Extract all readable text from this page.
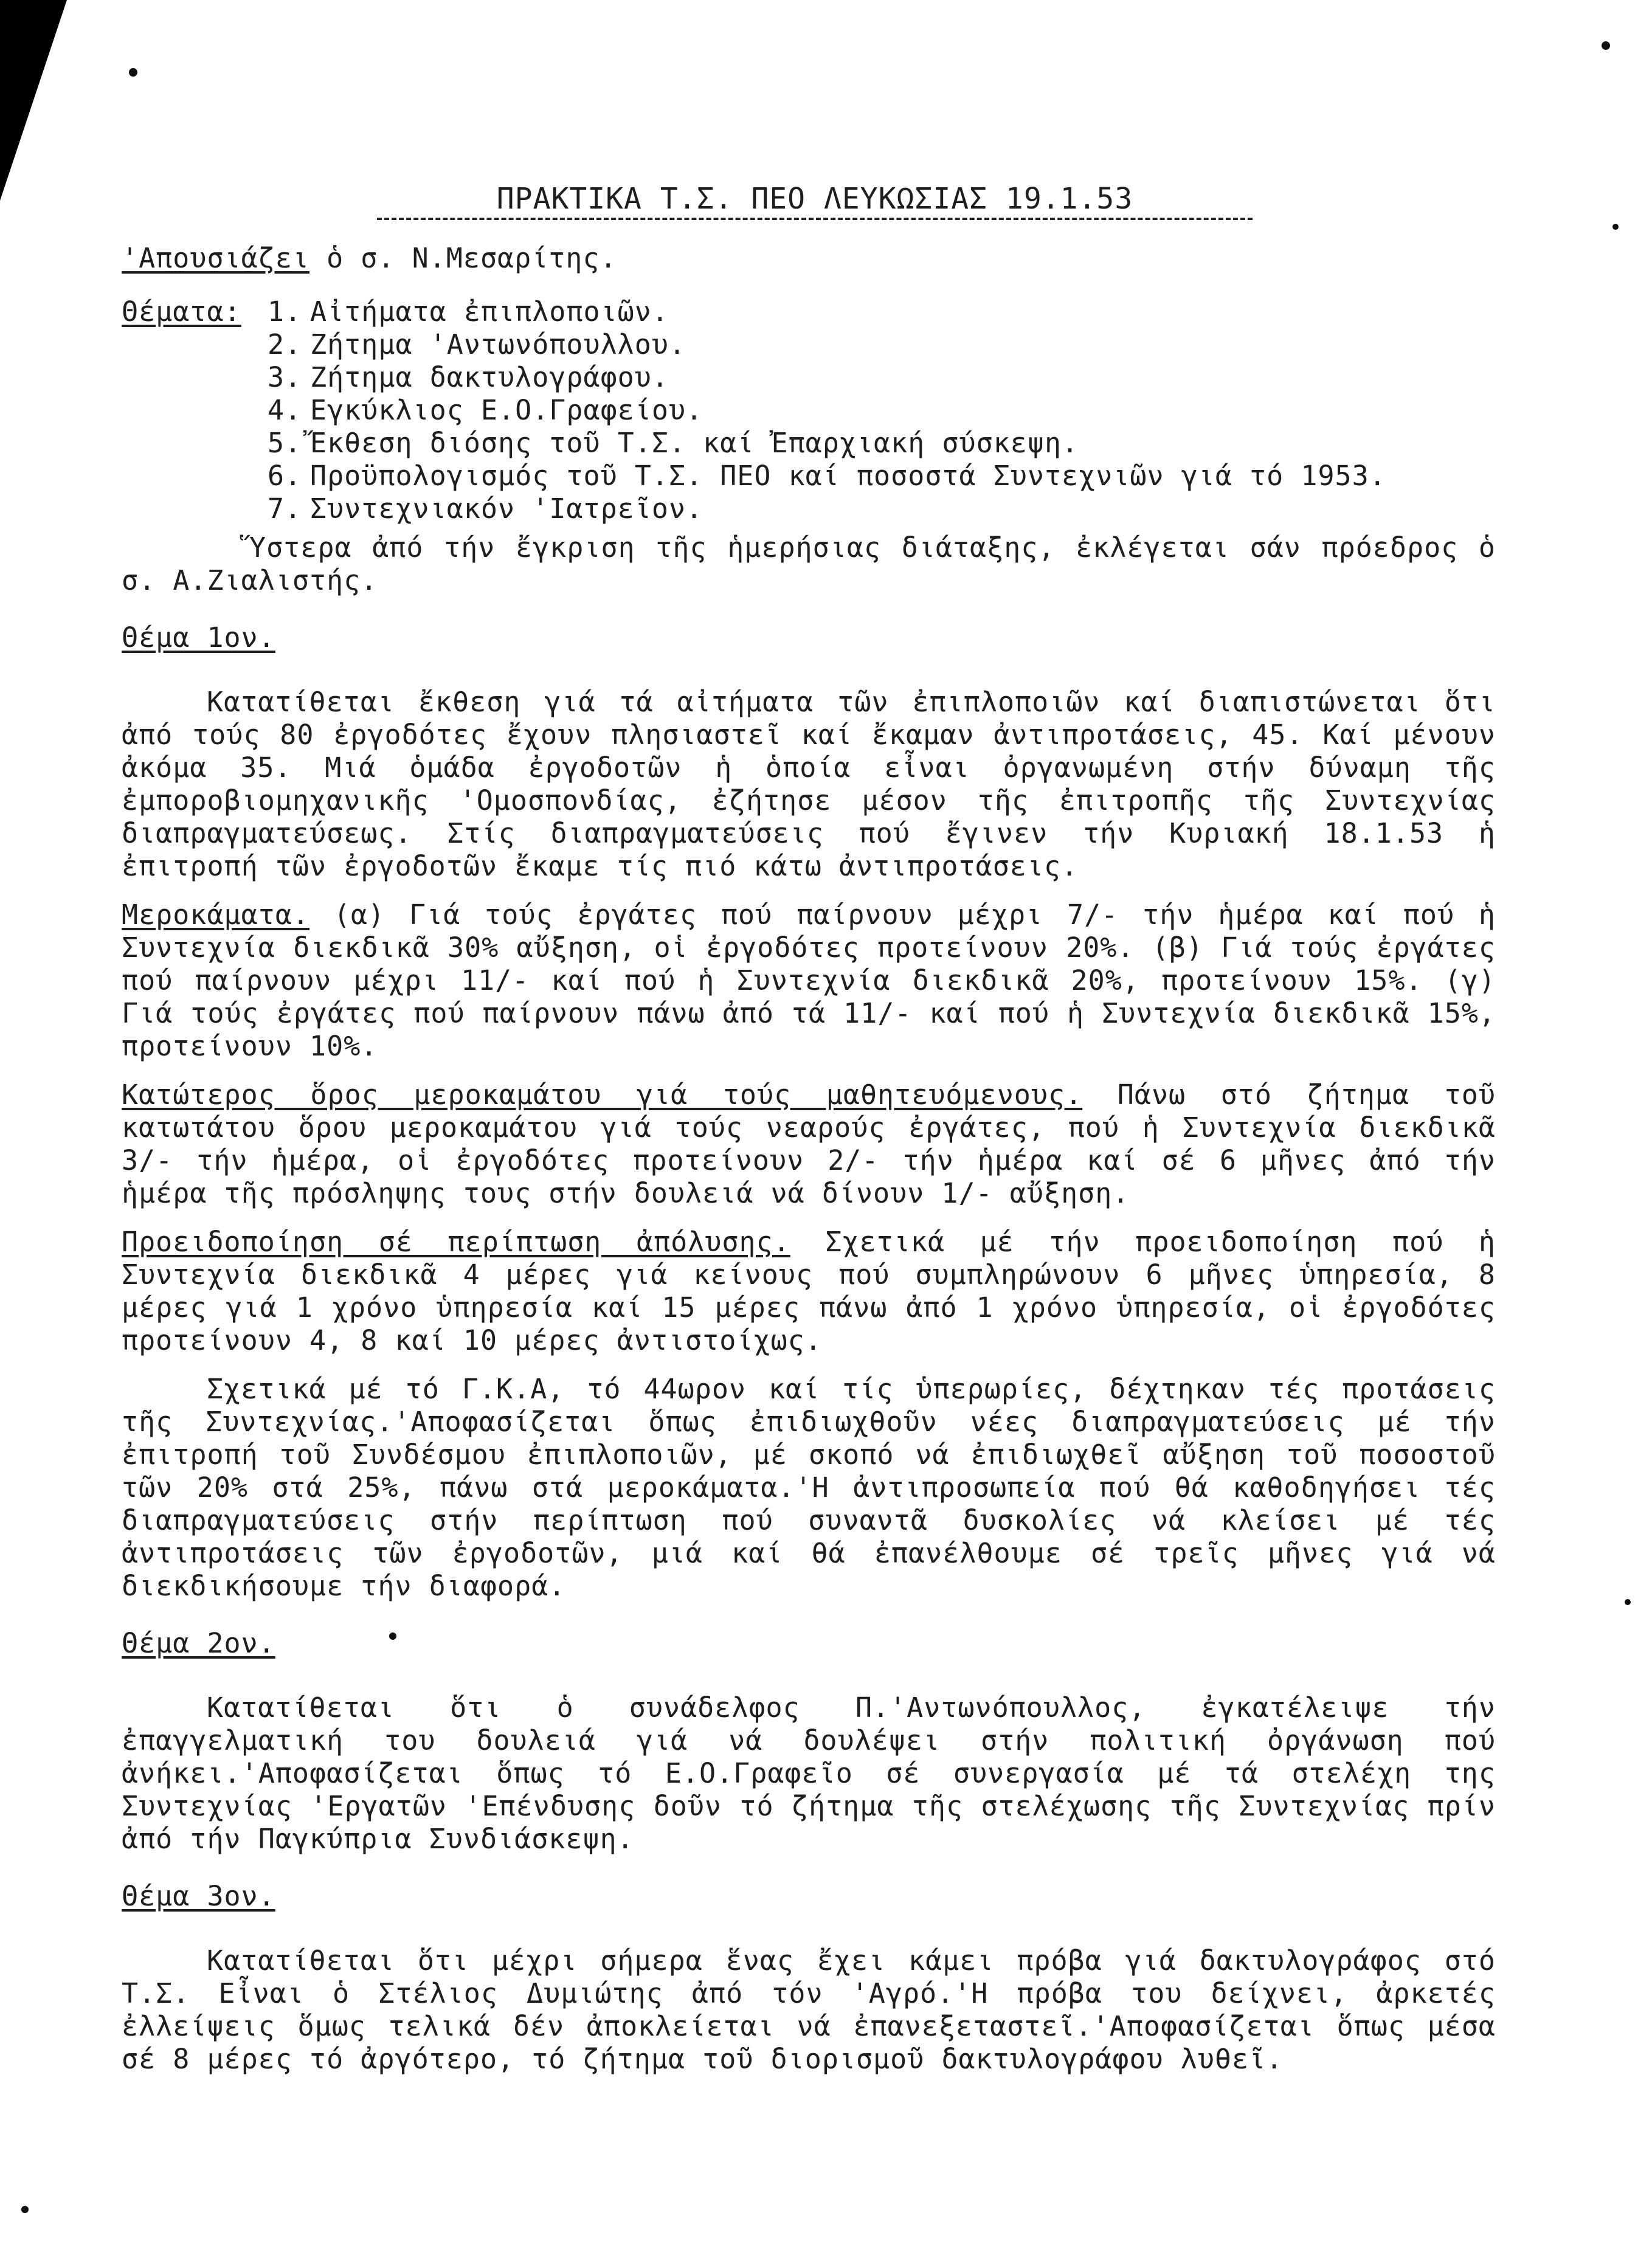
ΠΡΑΚΤΙΚΑ Τ.Σ. ΠΕΟ ΛΕΥΚΩΣΙΑΣ 19.1.53
'Απουσιάζει ὁ σ. Ν.Μεσαρίτης.
Θέματα: 1. Αἰτήματα ἐπιπλοποιῶν.
2. Ζήτημα 'Αντωνόπουλλου.
3. Ζήτημα δακτυλογράφου.
4. Εγκύκλιος Ε.Ο.Γραφείου.
5. Ἔκθεση διόσης τοῦ Τ.Σ. καί Ἐπαρχιακή σύσκεψη.
6. Προϋπολογισμός τοῦ Τ.Σ. ΠΕΟ καί ποσοστά Συντεχνιῶν γιά τό 1953.
7. Συντεχνιακόν 'Ιατρεῖον.

Ὕστερα ἀπό τήν ἔγκριση τῆς ἡμερήσιας διάταξης, ἐκλέγεται σάν πρόεδρος ὁ σ. Α.Ζιαλιστής.

Θέμα 1ον.

Κατατίθεται ἔκθεση γιά τά αἰτήματα τῶν ἐπιπλοποιῶν καί διαπιστώνεται ὅτι ἀπό τούς 80 ἐργοδότες ἔχουν πλησιαστεῖ καί ἔκαμαν ἀντιπροτάσεις, 45. Καί μένουν ἀκόμα 35. Μιά ὁμάδα ἐργοδοτῶν ἡ ὁποία εἶναι ὀργανωμένη στήν δύναμη τῆς ἐμποροβιομηχανικῆς 'Ομοσπονδίας, ἐζήτησε μέσον τῆς ἐπιτροπῆς τῆς Συντεχνίας διαπραγματεύσεως. Στίς διαπραγματεύσεις πού ἔγινεν τήν Κυριακή 18.1.53 ἡ ἐπιτροπή τῶν ἐργοδοτῶν ἔκαμε τίς πιό κάτω ἀντιπροτάσεις.

Μεροκάματα. (α) Γιά τούς ἐργάτες πού παίρνουν μέχρι 7/- τήν ἡμέρα καί πού ἡ Συντεχνία διεκδικᾶ 30% αὔξηση, οἱ ἐργοδότες προτείνουν 20%. (β) Γιά τούς ἐργάτες πού παίρνουν μέχρι 11/- καί πού ἡ Συντεχνία διεκδικᾶ 20%, προτείνουν 15%. (γ) Γιά τούς ἐργάτες πού παίρνουν πάνω ἀπό τά 11/- καί πού ἡ Συντεχνία διεκδικᾶ 15%, προτείνουν 10%.

Κατώτερος ὅρος μεροκαμάτου γιά τούς μαθητευόμενους. Πάνω στό ζήτημα τοῦ κατωτάτου ὅρου μεροκαμάτου γιά τούς νεαρούς ἐργάτες, πού ἡ Συντεχνία διεκδικᾶ 3/- τήν ἡμέρα, οἱ ἐργοδότες προτείνουν 2/- τήν ἡμέρα καί σέ 6 μῆνες ἀπό τήν ἡμέρα τῆς πρόσληψης τους στήν δουλειά νά δίνουν 1/- αὔξηση.

Προειδοποίηση σέ περίπτωση ἀπόλυσης. Σχετικά μέ τήν προειδοποίηση πού ἡ Συντεχνία διεκδικᾶ 4 μέρες γιά κείνους πού συμπληρώνουν 6 μῆνες ὑπηρεσία, 8 μέρες γιά 1 χρόνο ὑπηρεσία καί 15 μέρες πάνω ἀπό 1 χρόνο ὑπηρεσία, οἱ ἐργοδότες προτείνουν 4, 8 καί 10 μέρες ἀντιστοίχως.

Σχετικά μέ τό Γ.Κ.Α, τό 44ωρον καί τίς ὑπερωρίες, δέχτηκαν τές προτάσεις τῆς Συντεχνίας.'Αποφασίζεται ὅπως ἐπιδιωχθοῦν νέες διαπραγματεύσεις μέ τήν ἐπιτροπή τοῦ Συνδέσμου ἐπιπλοποιῶν, μέ σκοπό νά ἐπιδιωχθεῖ αὔξηση τοῦ ποσοστοῦ τῶν 20% στά 25%, πάνω στά μεροκάματα.'Η ἀντιπροσωπεία πού θά καθοδηγήσει τές διαπραγματεύσεις στήν περίπτωση πού συναντᾶ δυσκολίες νά κλείσει μέ τές ἀντιπροτάσεις τῶν ἐργοδοτῶν, μιά καί θά ἐπανέλθουμε σέ τρεῖς μῆνες γιά νά διεκδικήσουμε τήν διαφορά.

Θέμα 2ον.

Κατατίθεται ὅτι ὁ συνάδελφος Π.'Αντωνόπουλλος, ἐγκατέλειψε τήν ἐπαγγελματική του δουλειά γιά νά δουλέψει στήν πολιτική ὀργάνωση πού ἀνήκει.'Αποφασίζεται ὅπως τό Ε.Ο.Γραφεῖο σέ συνεργασία μέ τά στελέχη της Συντεχνίας 'Εργατῶν 'Επένδυσης δοῦν τό ζήτημα τῆς στελέχωσης τῆς Συντεχνίας πρίν ἀπό τήν Παγκύπρια Συνδιάσκεψη.

Θέμα 3ον.

Κατατίθεται ὅτι μέχρι σήμερα ἕνας ἔχει κάμει πρόβα γιά δακτυλογράφος στό Τ.Σ. Εἶναι ὁ Στέλιος Δυμιώτης ἀπό τόν 'Αγρό.'Η πρόβα του δείχνει, ἀρκετές ἐλλείψεις ὅμως τελικά δέν ἀποκλείεται νά ἐπανεξεταστεῖ.'Αποφασίζεται ὅπως μέσα σέ 8 μέρες τό ἀργότερο, τό ζήτημα τοῦ διορισμοῦ δακτυλογράφου λυθεῖ.
